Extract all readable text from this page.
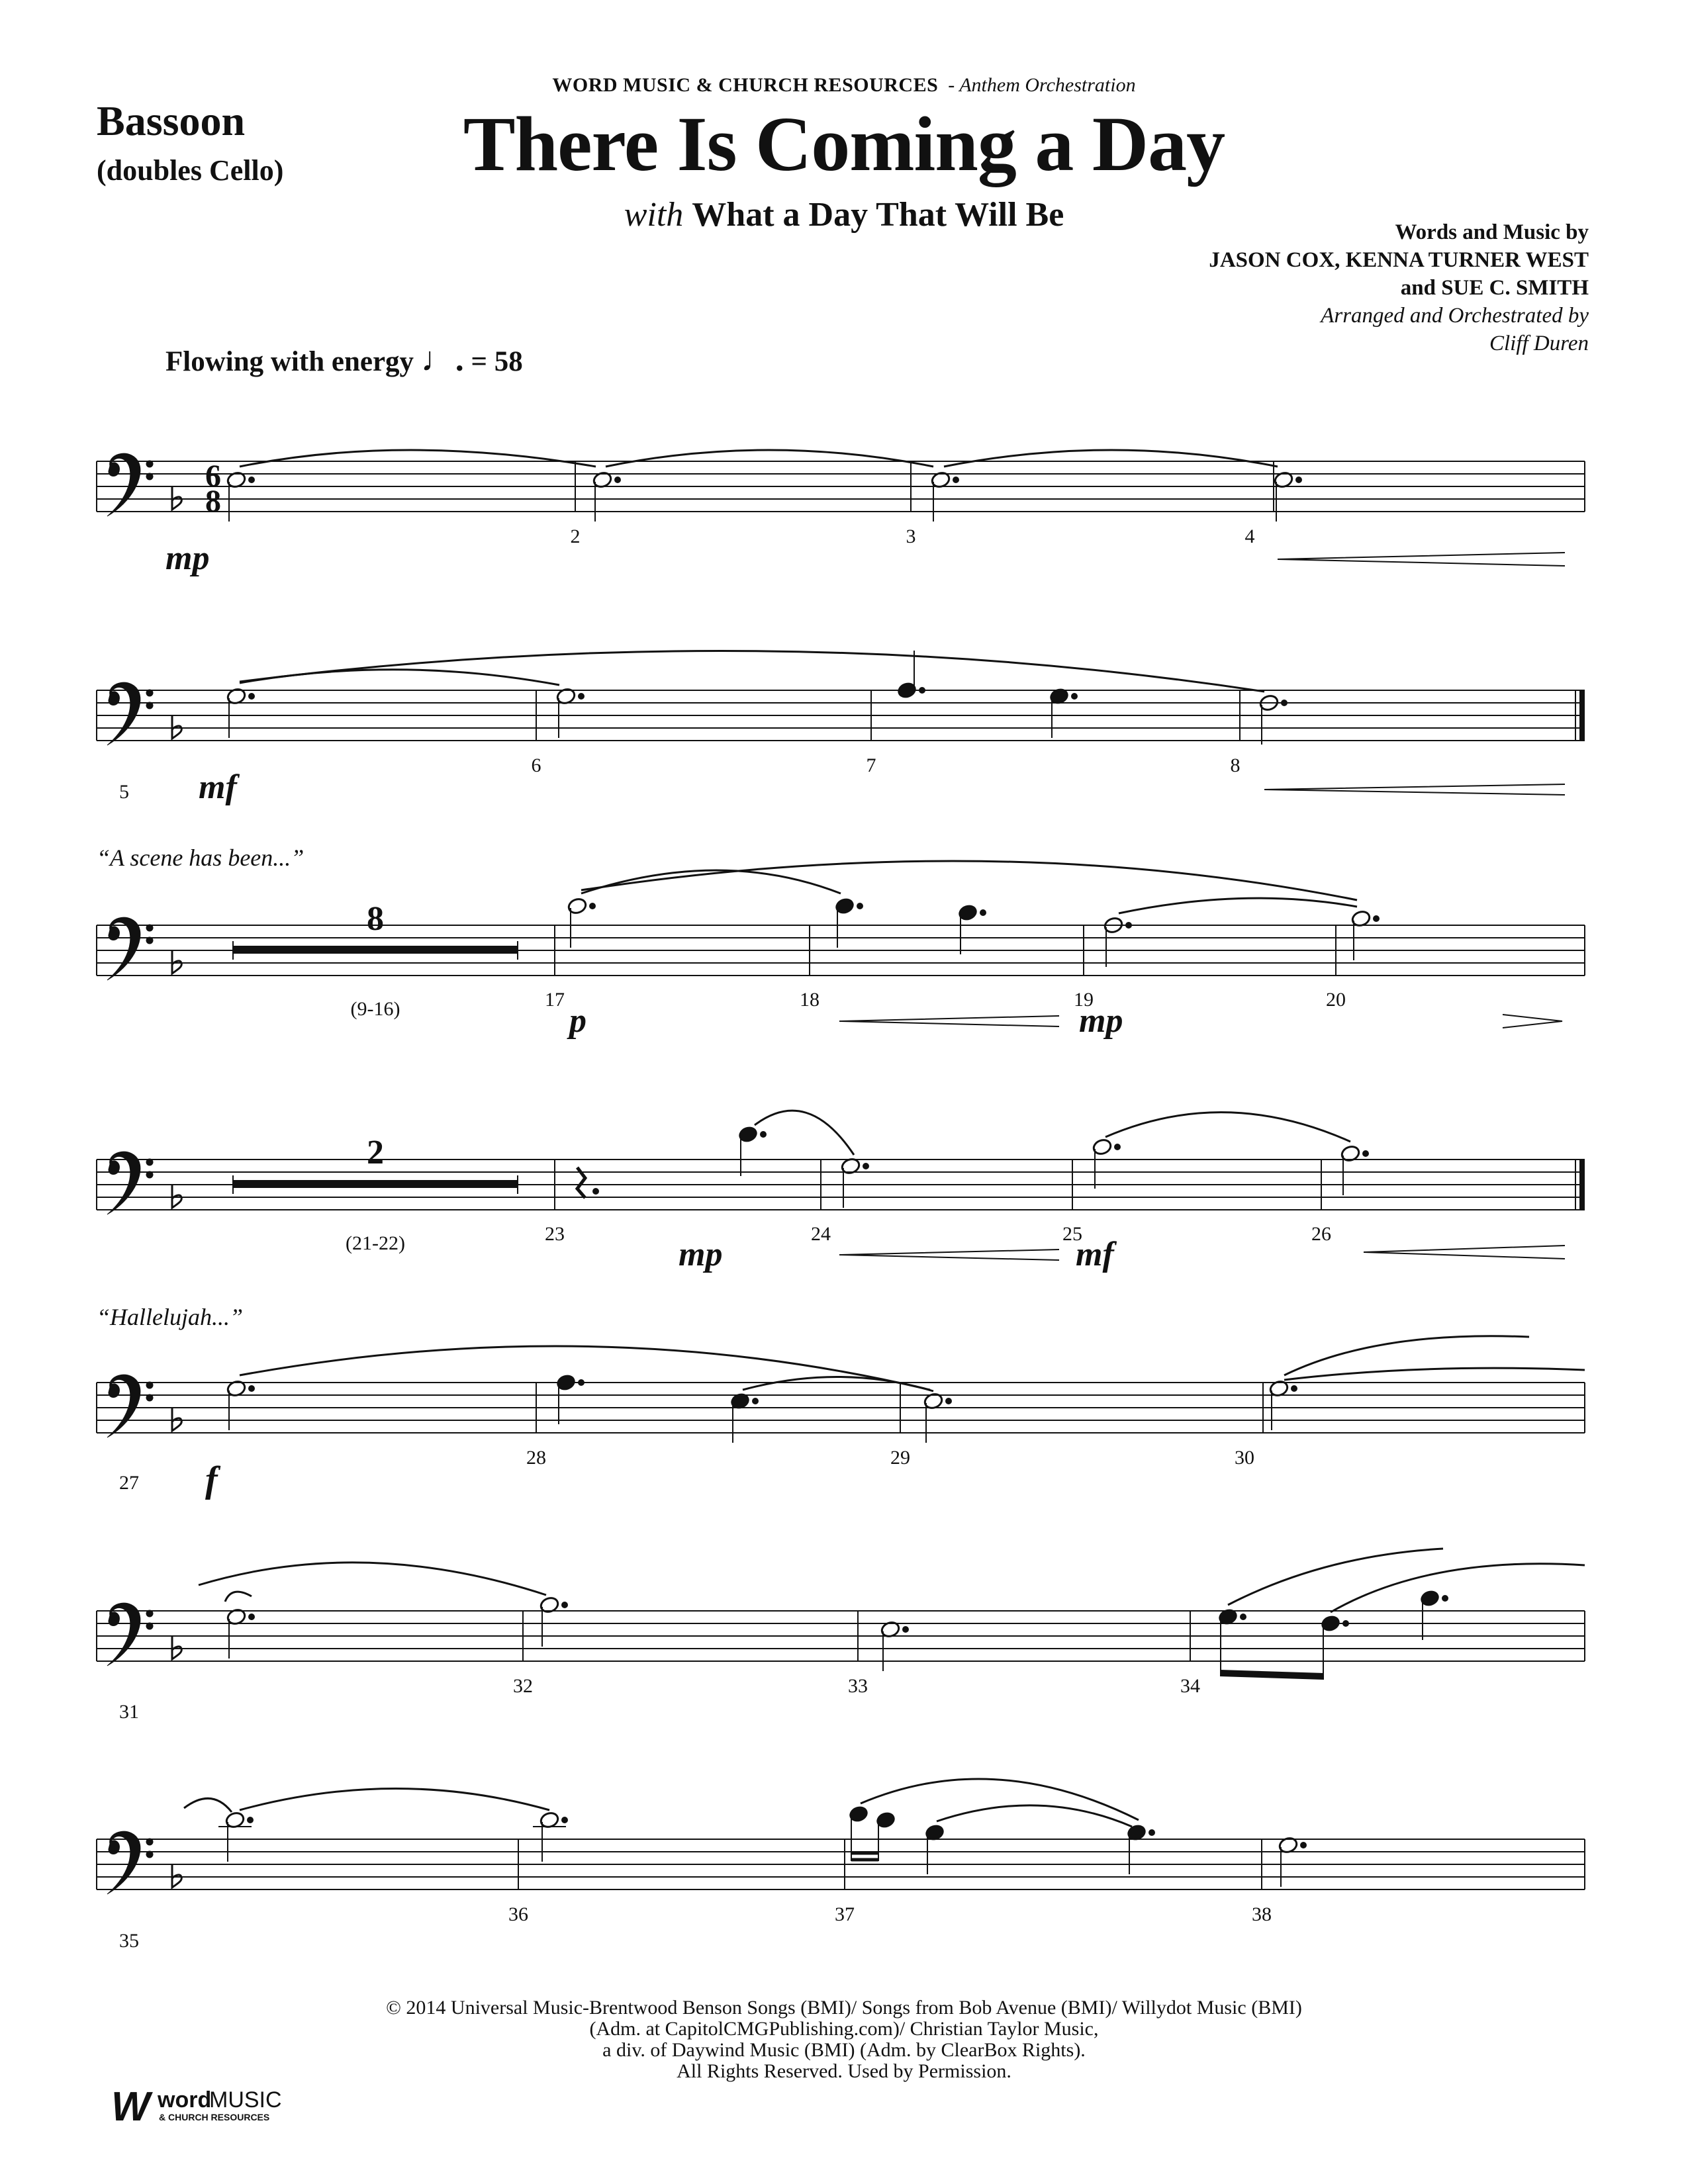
WORD MUSIC & CHURCH RESOURCES - Anthem Orchestration
There Is Coming a Day
with What a Day That Will Be
Bassoon
(doubles Cello)
Words and Music by
JASON COX, KENNA TURNER WEST
and SUE C. SMITH
Arranged and Orchestrated by
Cliff Duren
Flowing with energy ♩. = 58
6
8
mp
2	3	4
5 mf
6	7	8
“A scene has been...”
8
(9-16)	p	mp
17	18	19	20
2
(21-22)	mp	mf
23	24	25	26
“Hallelujah...”
27 f
28	29	30
31
32	33	34
35
36	37	38
© 2014 Universal Music-Brentwood Benson Songs (BMI)/ Songs from Bob Avenue (BMI)/ Willydot Music (BMI)
(Adm. at CapitolCMGPublishing.com)/ Christian Taylor Music,
a div. of Daywind Music (BMI) (Adm. by ClearBox Rights).
All Rights Reserved. Used by Permission.
W word
MUSIC
& CHURCH RESOURCES
